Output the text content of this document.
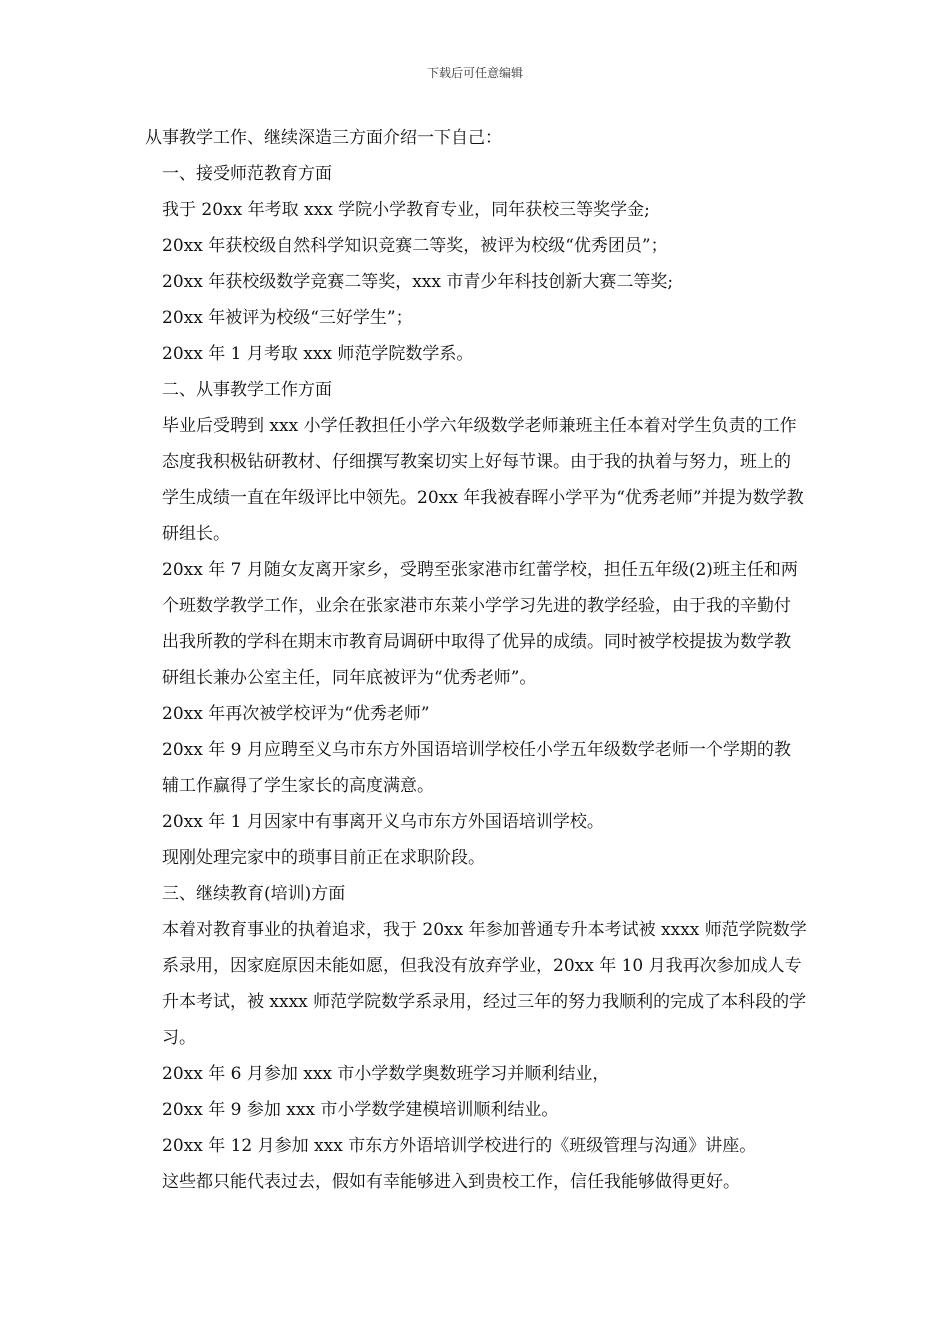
下载后可任意编辑

从事教学工作、继续深造三方面介绍一下自己：

一、接受师范教育方面

我于 20xx 年考取 xxx 学院小学教育专业，同年获校三等奖学金;

20xx 年获校级自然科学知识竞赛二等奖，被评为校级“优秀团员”；

20xx 年获校级数学竞赛二等奖，xxx 市青少年科技创新大赛二等奖;

20xx 年被评为校级“三好学生”；

20xx 年 1 月考取 xxx 师范学院数学系。

二、从事教学工作方面

毕业后受聘到 xxx 小学任教担任小学六年级数学老师兼班主任本着对学生负责的工作态度我积极钻研教材、仔细撰写教案切实上好每节课。由于我的执着与努力，班上的学生成绩一直在年级评比中领先。20xx 年我被春晖小学平为“优秀老师”并提为数学教研组长。

20xx 年 7 月随女友离开家乡，受聘至张家港市红蕾学校，担任五年级(2)班主任和两个班数学教学工作，业余在张家港市东莱小学学习先进的教学经验，由于我的辛勤付出我所教的学科在期末市教育局调研中取得了优异的成绩。同时被学校提拔为数学教研组长兼办公室主任，同年底被评为“优秀老师”。

20xx 年再次被学校评为“优秀老师”

20xx 年 9 月应聘至义乌市东方外国语培训学校任小学五年级数学老师一个学期的教辅工作赢得了学生家长的高度满意。

20xx 年 1 月因家中有事离开义乌市东方外国语培训学校。

现刚处理完家中的琐事目前正在求职阶段。

三、继续教育(培训)方面

本着对教育事业的执着追求，我于 20xx 年参加普通专升本考试被 xxxx 师范学院数学系录用，因家庭原因未能如愿，但我没有放弃学业，20xx 年 10 月我再次参加成人专升本考试，被 xxxx 师范学院数学系录用，经过三年的努力我顺利的完成了本科段的学习。

20xx 年 6 月参加 xxx 市小学数学奥数班学习并顺利结业，

20xx 年 9 参加 xxx 市小学数学建模培训顺利结业。

20xx 年 12 月参加 xxx 市东方外语培训学校进行的《班级管理与沟通》讲座。

这些都只能代表过去，假如有幸能够进入到贵校工作，信任我能够做得更好。
